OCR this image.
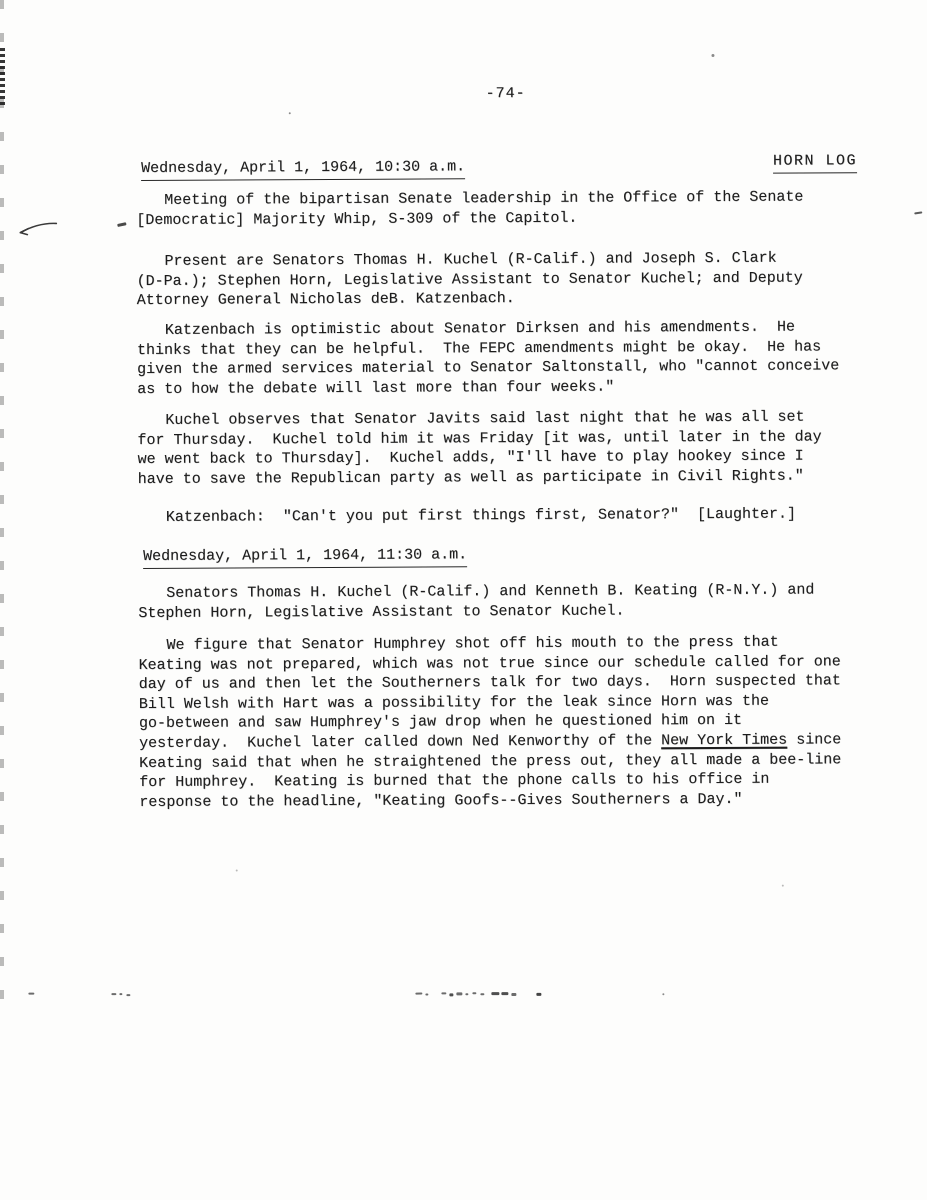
-74-
Wednesday, April 1, 1964, 10:30 a.m.	HORN LOG
Meeting of the bipartisan Senate leadership in the Office of the Senate
[Democratic] Majority Whip, S-309 of the Capitol.
Present are Senators Thomas H. Kuchel (R-Calif.) and Joseph S. Clark
(D-Pa.); Stephen Horn, Legislative Assistant to Senator Kuchel; and Deputy
Attorney General Nicholas deB. Katzenbach.
Katzenbach is optimistic about Senator Dirksen and his amendments.  He
thinks that they can be helpful.  The FEPC amendments might be okay.  He has
given the armed services material to Senator Saltonstall, who "cannot conceive
as to how the debate will last more than four weeks."
Kuchel observes that Senator Javits said last night that he was all set
for Thursday.  Kuchel told him it was Friday [it was, until later in the day
we went back to Thursday].  Kuchel adds, "I'll have to play hookey since I
have to save the Republican party as well as participate in Civil Rights."
Katzenbach:  "Can't you put first things first, Senator?"  [Laughter.]
Wednesday, April 1, 1964, 11:30 a.m.
Senators Thomas H. Kuchel (R-Calif.) and Kenneth B. Keating (R-N.Y.) and
Stephen Horn, Legislative Assistant to Senator Kuchel.
We figure that Senator Humphrey shot off his mouth to the press that
Keating was not prepared, which was not true since our schedule called for one
day of us and then let the Southerners talk for two days.  Horn suspected that
Bill Welsh with Hart was a possibility for the leak since Horn was the
go-between and saw Humphrey's jaw drop when he questioned him on it
yesterday.  Kuchel later called down Ned Kenworthy of the New York Times since
Keating said that when he straightened the press out, they all made a bee-line
for Humphrey.  Keating is burned that the phone calls to his office in
response to the headline, "Keating Goofs--Gives Southerners a Day."
